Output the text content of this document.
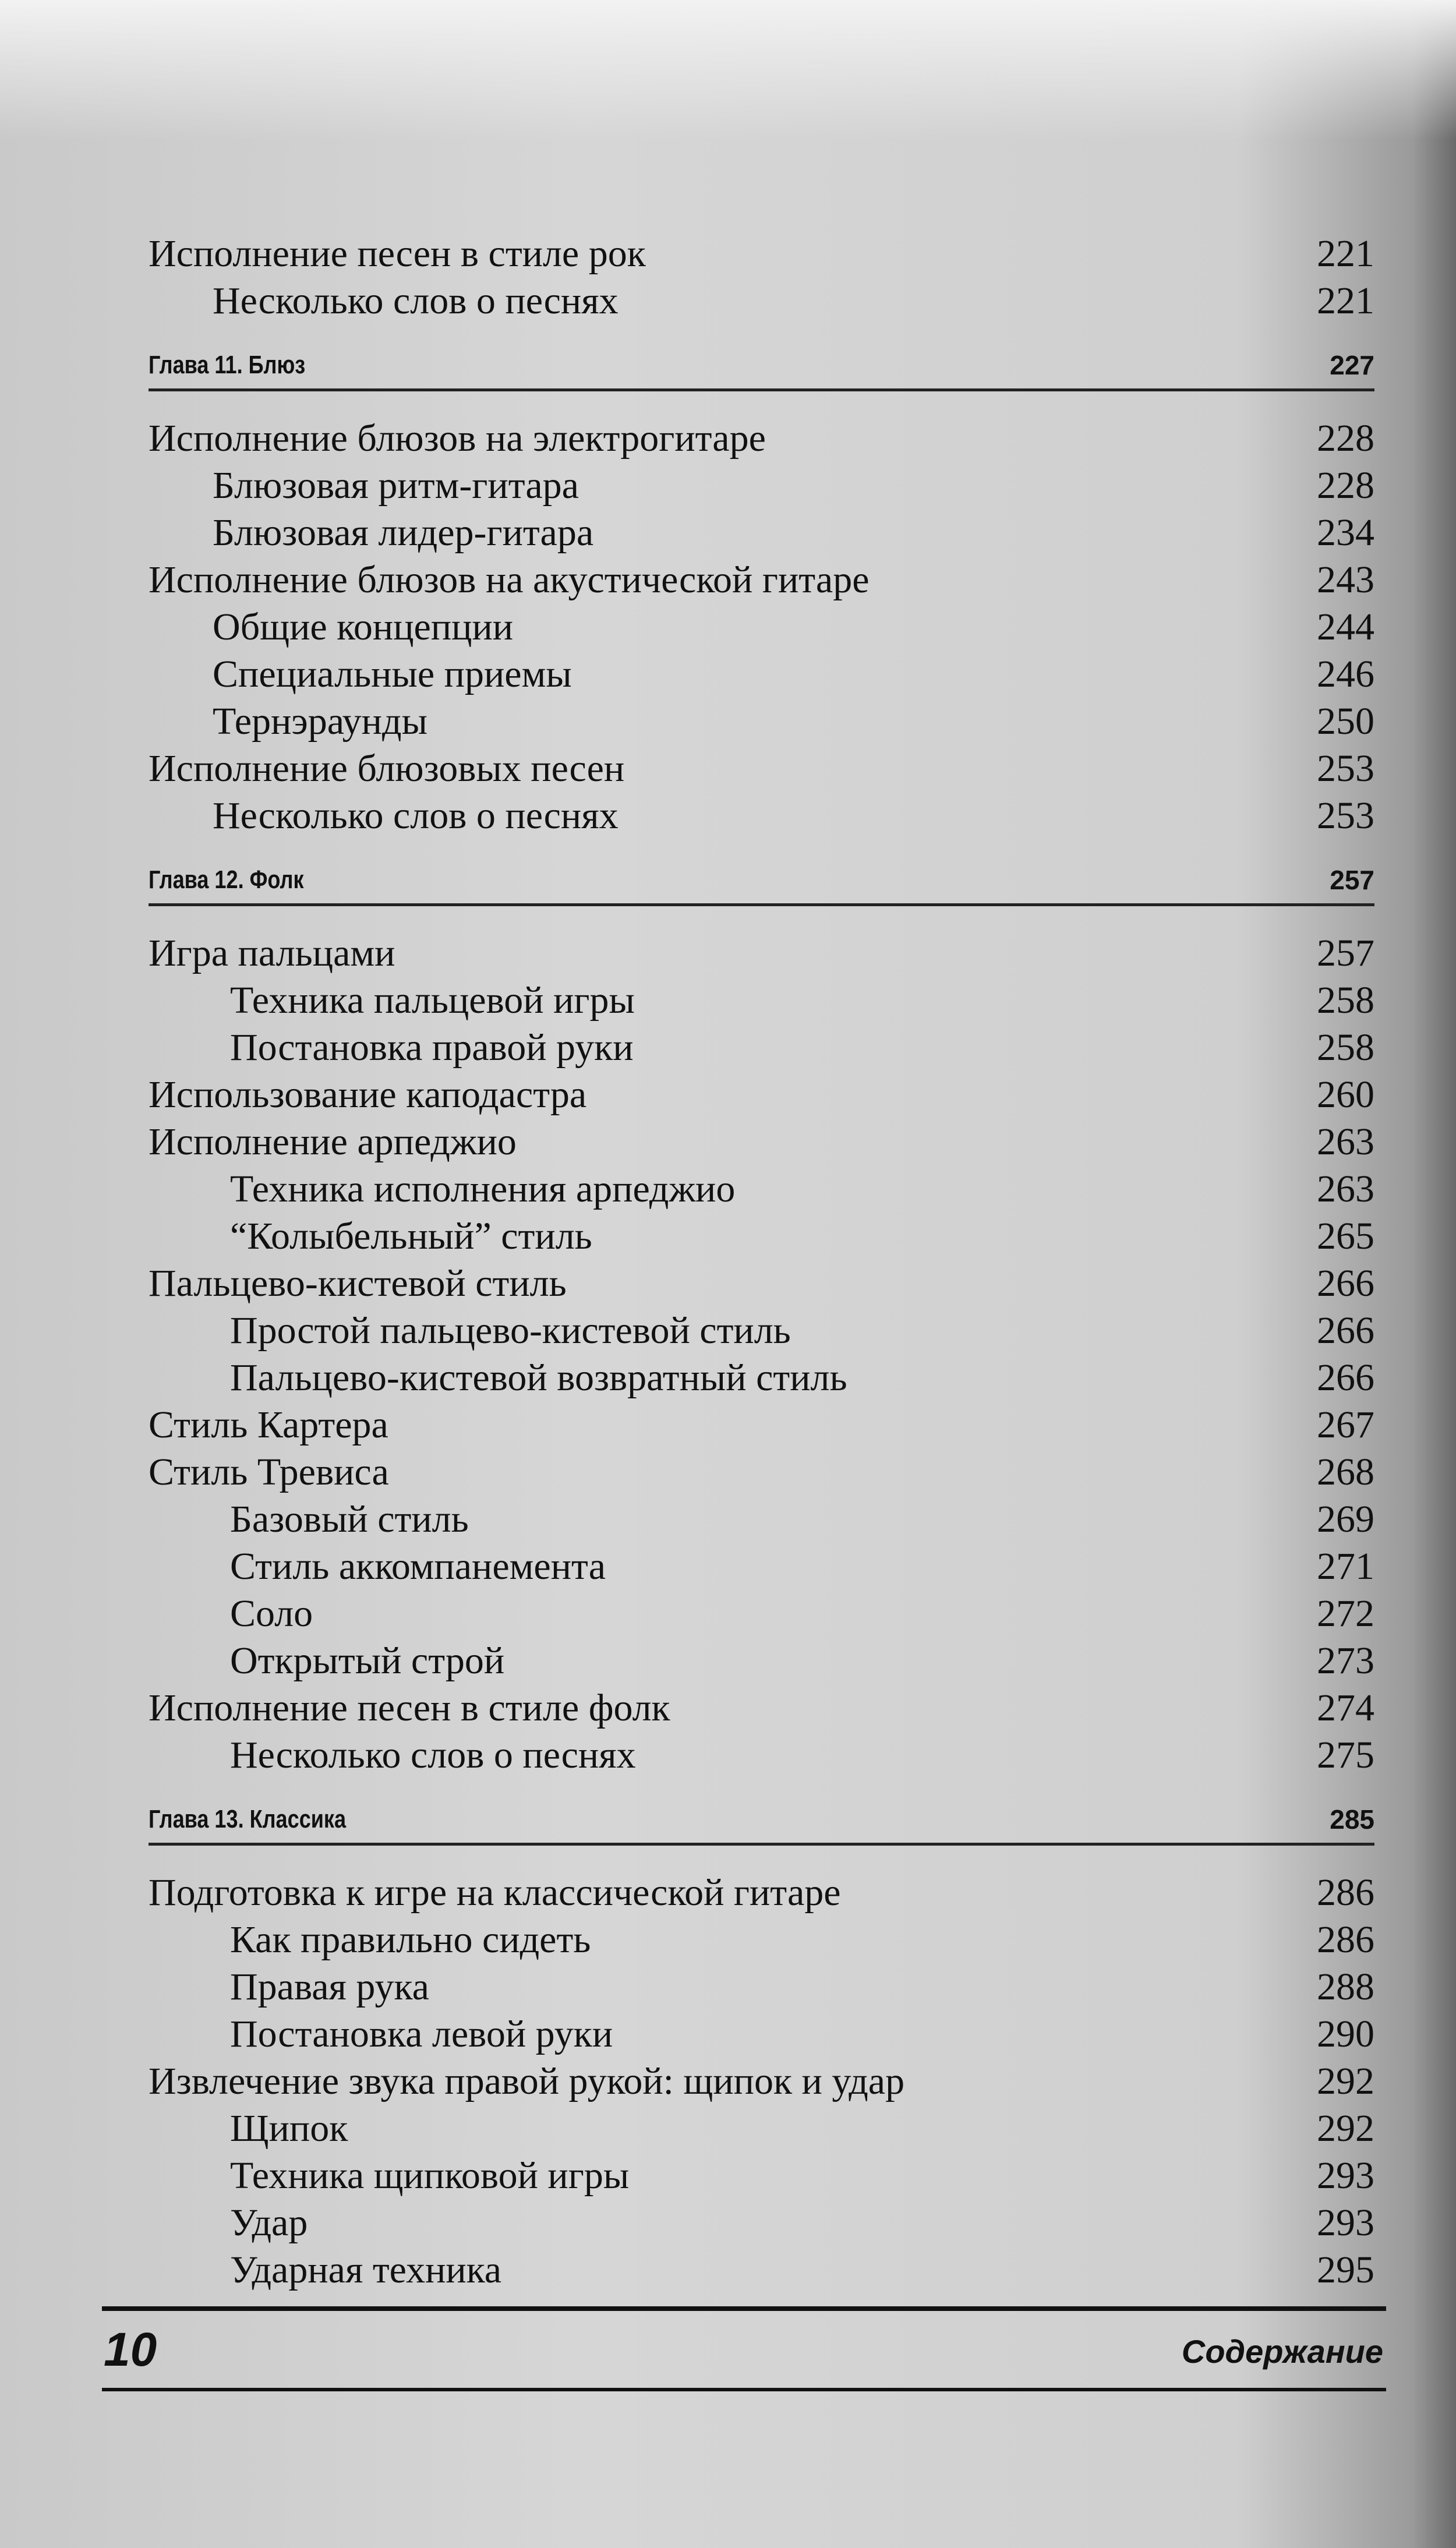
Исполнение песен в стиле рок	221
Несколько слов о песнях	221
Глава 11. Блюз	227
Исполнение блюзов на электрогитаре	228
Блюзовая ритм-гитара	228
Блюзовая лидер-гитара	234
Исполнение блюзов на акустической гитаре	243
Общие концепции	244
Специальные приемы	246
Тернэраунды	250
Исполнение блюзовых песен	253
Несколько слов о песнях	253
Глава 12. Фолк	257
Игра пальцами	257
Техника пальцевой игры	258
Постановка правой руки	258
Использование каподастра	260
Исполнение арпеджио	263
Техника исполнения арпеджио	263
“Колыбельный” стиль	265
Пальцево-кистевой стиль	266
Простой пальцево-кистевой стиль	266
Пальцево-кистевой возвратный стиль	266
Стиль Картера	267
Стиль Тревиса	268
Базовый стиль	269
Стиль аккомпанемента	271
Соло	272
Открытый строй	273
Исполнение песен в стиле фолк	274
Несколько слов о песнях	275
Глава 13. Классика	285
Подготовка к игре на классической гитаре	286
Как правильно сидеть	286
Правая рука	288
Постановка левой руки	290
Извлечение звука правой рукой: щипок и удар	292
Щипок	292
Техника щипковой игры	293
Удар	293
Ударная техника	295
10	Содержание
